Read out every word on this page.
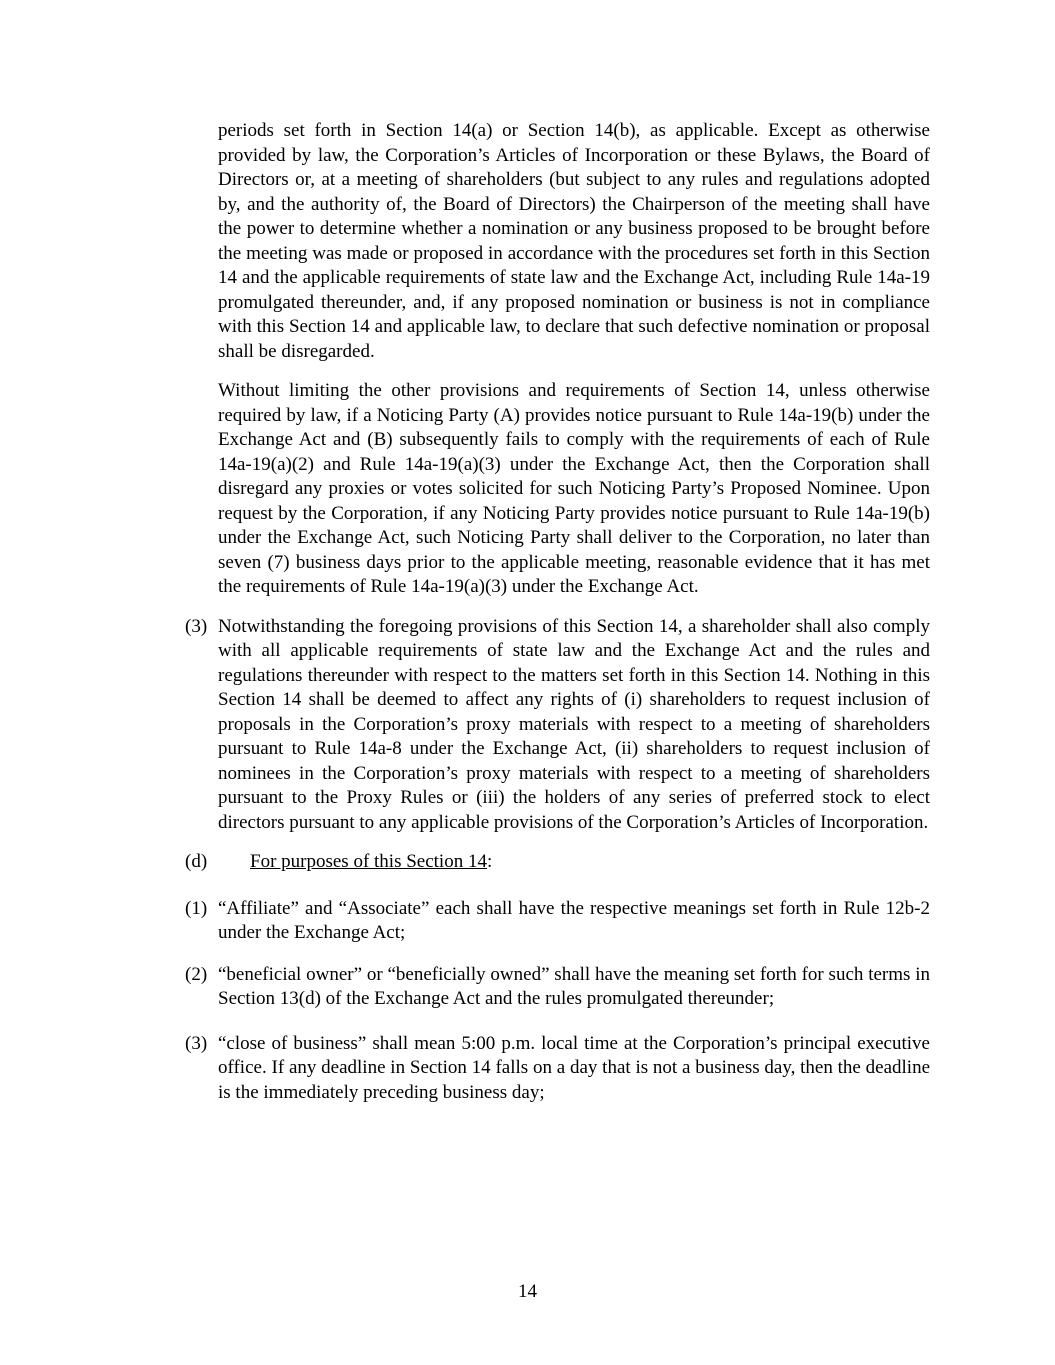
periods set forth in Section 14(a) or Section 14(b), as applicable. Except as otherwise provided by law, the Corporation’s Articles of Incorporation or these Bylaws, the Board of Directors or, at a meeting of shareholders (but subject to any rules and regulations adopted by, and the authority of, the Board of Directors) the Chairperson of the meeting shall have the power to determine whether a nomination or any business proposed to be brought before the meeting was made or proposed in accordance with the procedures set forth in this Section 14 and the applicable requirements of state law and the Exchange Act, including Rule 14a-19 promulgated thereunder, and, if any proposed nomination or business is not in compliance with this Section 14 and applicable law, to declare that such defective nomination or proposal shall be disregarded.

Without limiting the other provisions and requirements of Section 14, unless otherwise required by law, if a Noticing Party (A) provides notice pursuant to Rule 14a-19(b) under the Exchange Act and (B) subsequently fails to comply with the requirements of each of Rule 14a-19(a)(2) and Rule 14a-19(a)(3) under the Exchange Act, then the Corporation shall disregard any proxies or votes solicited for such Noticing Party’s Proposed Nominee. Upon request by the Corporation, if any Noticing Party provides notice pursuant to Rule 14a-19(b) under the Exchange Act, such Noticing Party shall deliver to the Corporation, no later than seven (7) business days prior to the applicable meeting, reasonable evidence that it has met the requirements of Rule 14a-19(a)(3) under the Exchange Act.

(3) Notwithstanding the foregoing provisions of this Section 14, a shareholder shall also comply with all applicable requirements of state law and the Exchange Act and the rules and regulations thereunder with respect to the matters set forth in this Section 14. Nothing in this Section 14 shall be deemed to affect any rights of (i) shareholders to request inclusion of proposals in the Corporation’s proxy materials with respect to a meeting of shareholders pursuant to Rule 14a-8 under the Exchange Act, (ii) shareholders to request inclusion of nominees in the Corporation’s proxy materials with respect to a meeting of shareholders pursuant to the Proxy Rules or (iii) the holders of any series of preferred stock to elect directors pursuant to any applicable provisions of the Corporation’s Articles of Incorporation.
(d)	For purposes of this Section 14:
(1) “Affiliate” and “Associate” each shall have the respective meanings set forth in Rule 12b-2 under the Exchange Act;
(2) “beneficial owner” or “beneficially owned” shall have the meaning set forth for such terms in Section 13(d) of the Exchange Act and the rules promulgated thereunder;
(3) “close of business” shall mean 5:00 p.m. local time at the Corporation’s principal executive office. If any deadline in Section 14 falls on a day that is not a business day, then the deadline is the immediately preceding business day;
14
